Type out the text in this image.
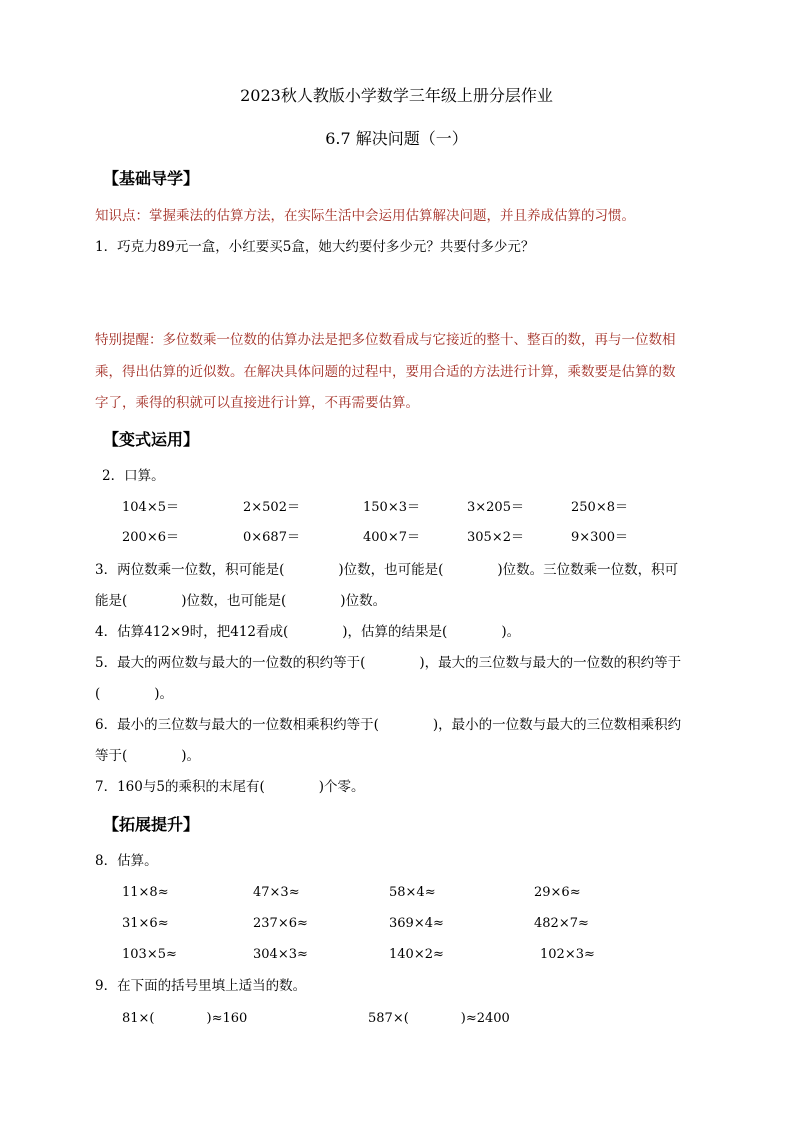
2023秋人教版小学数学三年级上册分层作业
6.7 解决问题（一）
【基础导学】
知识点：掌握乘法的估算方法，在实际生活中会运用估算解决问题，并且养成估算的习惯。
1．巧克力89元一盒，小红要买5盒，她大约要付多少元？共要付多少元？
特别提醒：多位数乘一位数的估算办法是把多位数看成与它接近的整十、整百的数，再与一位数相
乘，得出估算的近似数。在解决具体问题的过程中，要用合适的方法进行计算，乘数要是估算的数
字了，乘得的积就可以直接进行计算，不再需要估算。
【变式运用】
2．口算。
104×5＝	2×502＝	150×3＝	3×205＝	250×8＝
200×6＝	0×687＝	400×7＝	305×2＝	9×300＝
3．两位数乘一位数，积可能是(　　　　)位数，也可能是(　　　　)位数。三位数乘一位数，积可
能是(　　　　)位数，也可能是(　　　　)位数。
4．估算412×9时，把412看成(　　　　)，估算的结果是(　　　　)。
5．最大的两位数与最大的一位数的积约等于(　　　　)，最大的三位数与最大的一位数的积约等于
(　　　　)。
6．最小的三位数与最大的一位数相乘积约等于(　　　　)，最小的一位数与最大的三位数相乘积约
等于(　　　　)。
7．160与5的乘积的末尾有(　　　　)个零。
【拓展提升】
8．估算。
11×8≈	47×3≈	58×4≈	29×6≈
31×6≈	237×6≈	369×4≈	482×7≈
103×5≈	304×3≈	140×2≈	102×3≈
9．在下面的括号里填上适当的数。
81×(　　　　)≈160	587×(　　　　)≈2400
